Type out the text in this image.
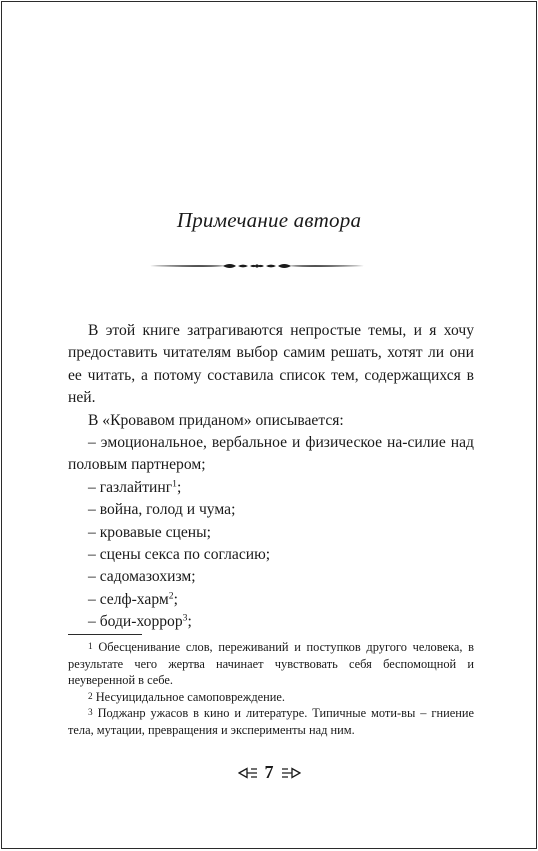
Примечание автора

В этой книге затрагиваются непростые темы, и я хочу предоставить читателям выбор самим решать, хотят ли они ее читать, а потому составила список тем, содержащихся в ней.

В «Кровавом приданом» описывается:

– эмоциональное, вербальное и физическое на-силие над половым партнером;

– газлайтинг$^1$;

– война, голод и чума;

– кровавые сцены;

– сцены секса по согласию;

– садомазохизм;

– селф-харм$^2$;

– боди-хоррор$^3$;

$^1$ Обесценивание слов, переживаний и поступков другого человека, в результате чего жертва начинает чувствовать себя беспомощной и неуверенной в себе.

$^2$ Несуицидальное самоповреждение.

$^3$ Поджанр ужасов в кино и литературе. Типичные моти-вы – гниение тела, мутации, превращения и эксперименты над ним.

7
